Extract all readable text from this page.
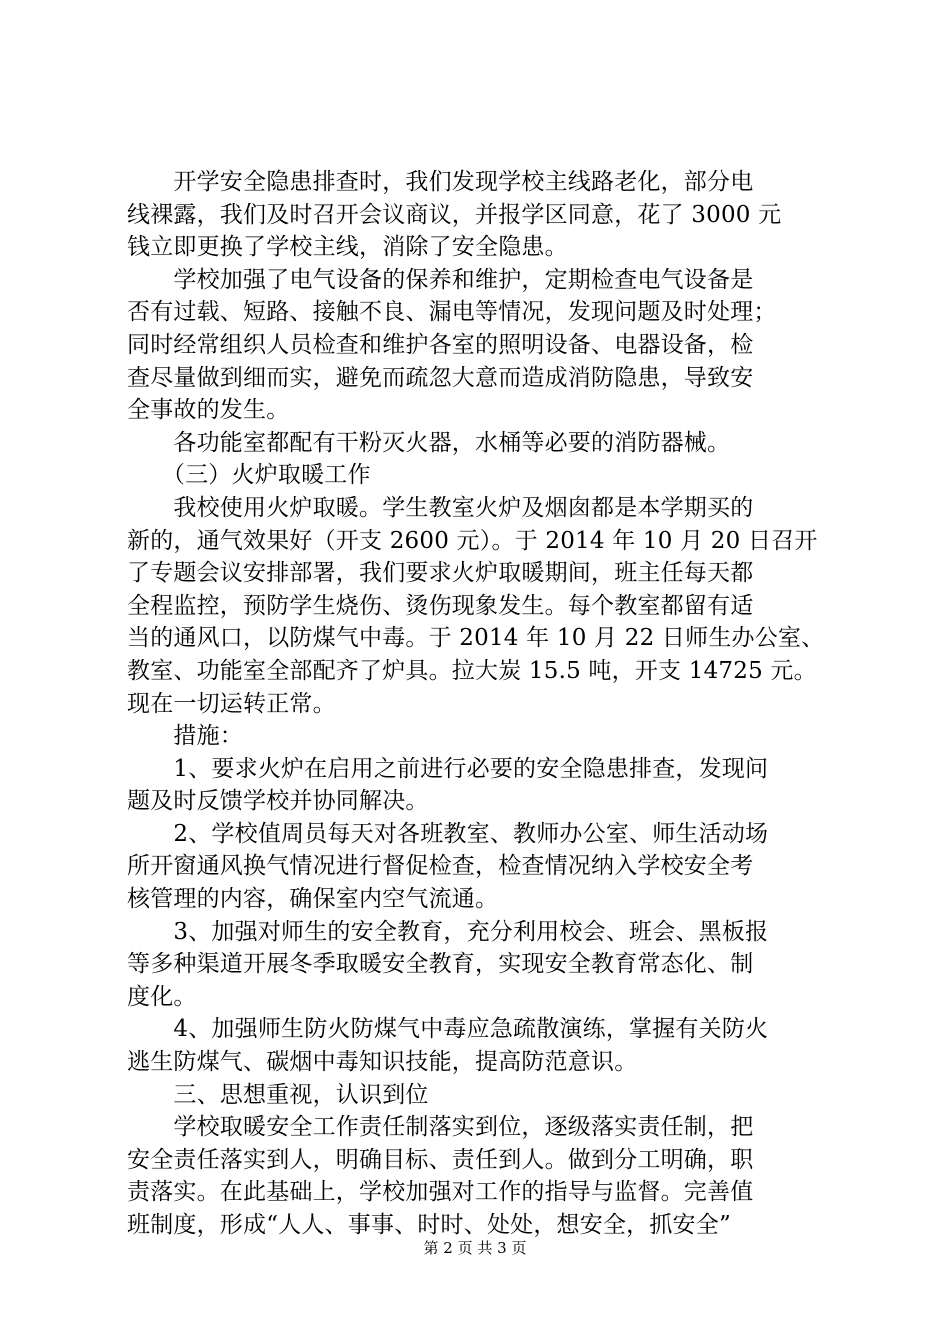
　　开学安全隐患排查时，我们发现学校主线路老化，部分电
线裸露，我们及时召开会议商议，并报学区同意，花了 3000 元
钱立即更换了学校主线，消除了安全隐患。
　　学校加强了电气设备的保养和维护，定期检查电气设备是
否有过载、短路、接触不良、漏电等情况，发现问题及时处理；
同时经常组织人员检查和维护各室的照明设备、电器设备，检
查尽量做到细而实，避免而疏忽大意而造成消防隐患，导致安
全事故的发生。
　　各功能室都配有干粉灭火器，水桶等必要的消防器械。
　　（三）火炉取暖工作
　　我校使用火炉取暖。学生教室火炉及烟囱都是本学期买的
新的，通气效果好（开支 2600 元）。于 2014 年 10 月 20 日召开
了专题会议安排部署，我们要求火炉取暖期间，班主任每天都
全程监控，预防学生烧伤、烫伤现象发生。每个教室都留有适
当的通风口，以防煤气中毒。于 2014 年 10 月 22 日师生办公室、
教室、功能室全部配齐了炉具。拉大炭 15.5 吨，开支 14725 元。
现在一切运转正常。
　　措施：
　　1、要求火炉在启用之前进行必要的安全隐患排查，发现问
题及时反馈学校并协同解决。
　　2、学校值周员每天对各班教室、教师办公室、师生活动场
所开窗通风换气情况进行督促检查，检查情况纳入学校安全考
核管理的内容，确保室内空气流通。
　　3、加强对师生的安全教育，充分利用校会、班会、黑板报
等多种渠道开展冬季取暖安全教育，实现安全教育常态化、制
度化。
　　4、加强师生防火防煤气中毒应急疏散演练，掌握有关防火
逃生防煤气、碳烟中毒知识技能，提高防范意识。
　　三、思想重视，认识到位
　　学校取暖安全工作责任制落实到位，逐级落实责任制，把
安全责任落实到人，明确目标、责任到人。做到分工明确，职
责落实。在此基础上，学校加强对工作的指导与监督。完善值
班制度，形成“人人、事事、时时、处处，想安全，抓安全”
第 2 页 共 3 页
